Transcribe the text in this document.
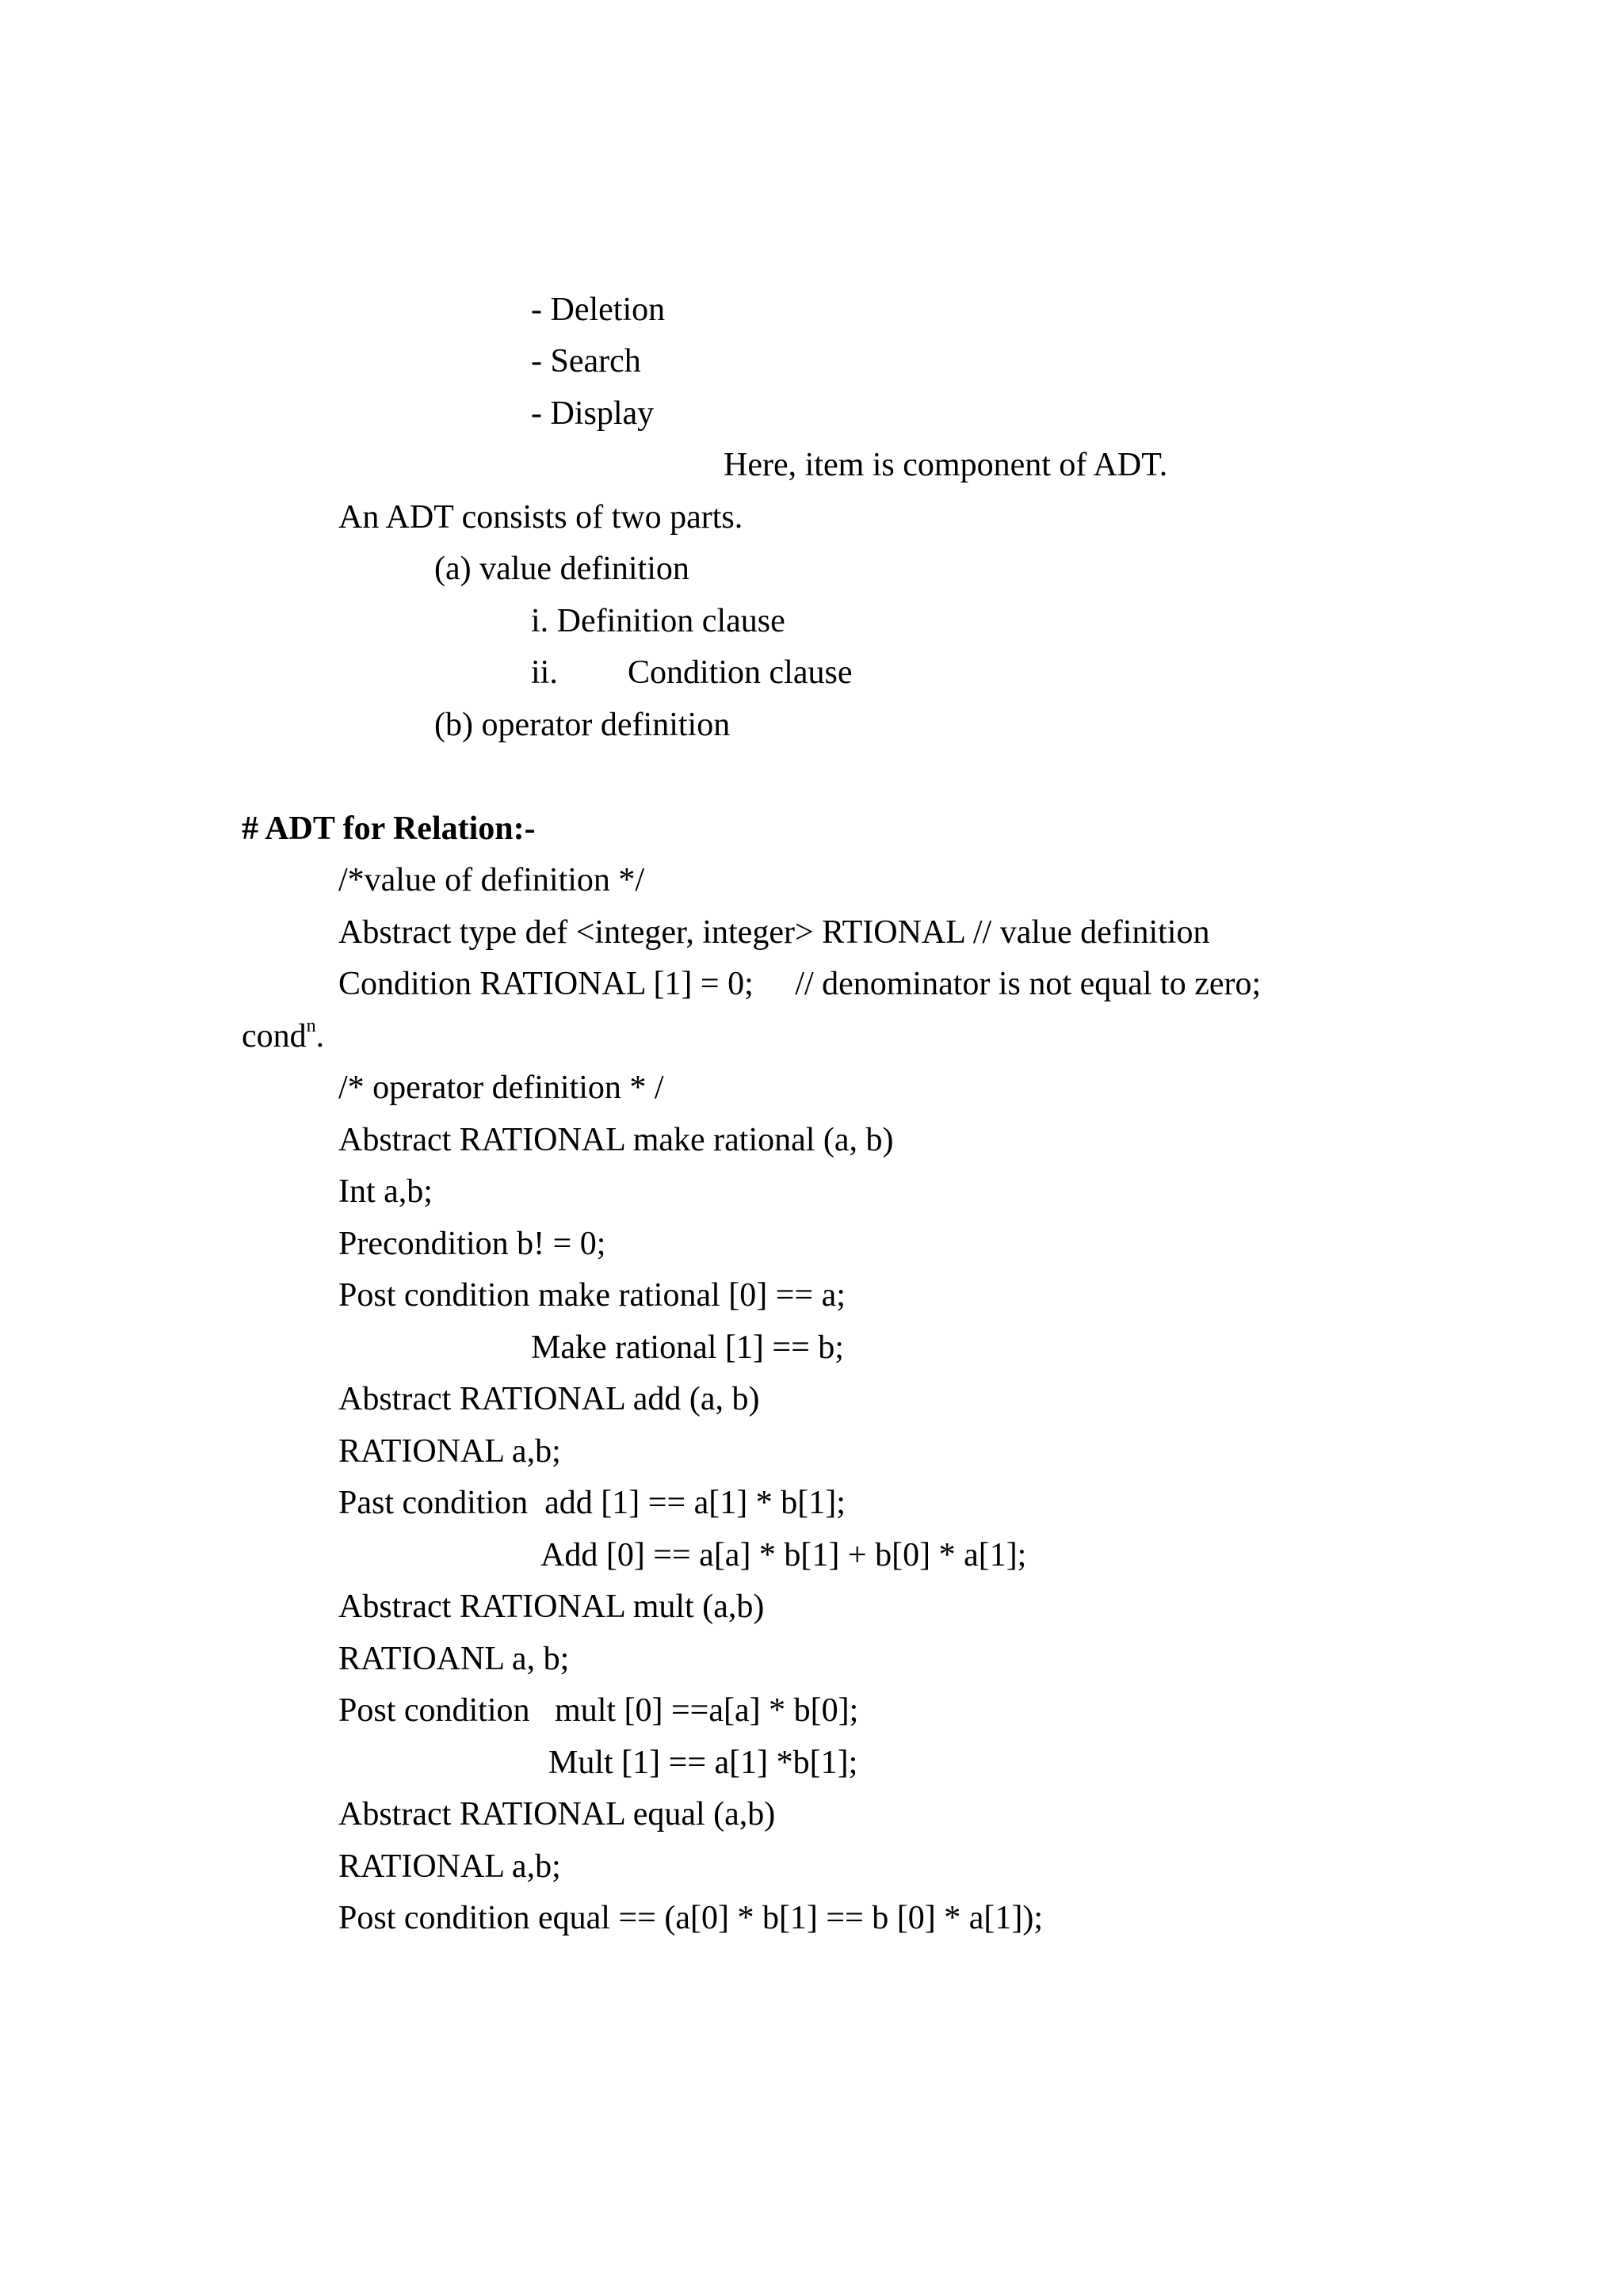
- Deletion
- Search
- Display
Here, item is component of ADT.
An ADT consists of two parts.
(a) value definition
i. Definition clause
ii. Condition clause
(b) operator definition
# ADT for Relation:-
/*value of definition */
Abstract type def <integer, integer> RTIONAL // value definition
Condition RATIONAL [1] = 0;     // denominator is not equal to zero;
cond$^n$.
/* operator definition * /
Abstract RATIONAL make rational (a, b)
Int a,b;
Precondition b! = 0;
Post condition make rational [0] == a;
Make rational [1] == b;
Abstract RATIONAL add (a, b)
RATIONAL a,b;
Past condition  add [1] == a[1] * b[1];
Add [0] == a[a] * b[1] + b[0] * a[1];
Abstract RATIONAL mult (a,b)
RATIOANL a, b;
Post condition   mult [0] ==a[a] * b[0];
Mult [1] == a[1] *b[1];
Abstract RATIONAL equal (a,b)
RATIONAL a,b;
Post condition equal == (a[0] * b[1] == b [0] * a[1]);
